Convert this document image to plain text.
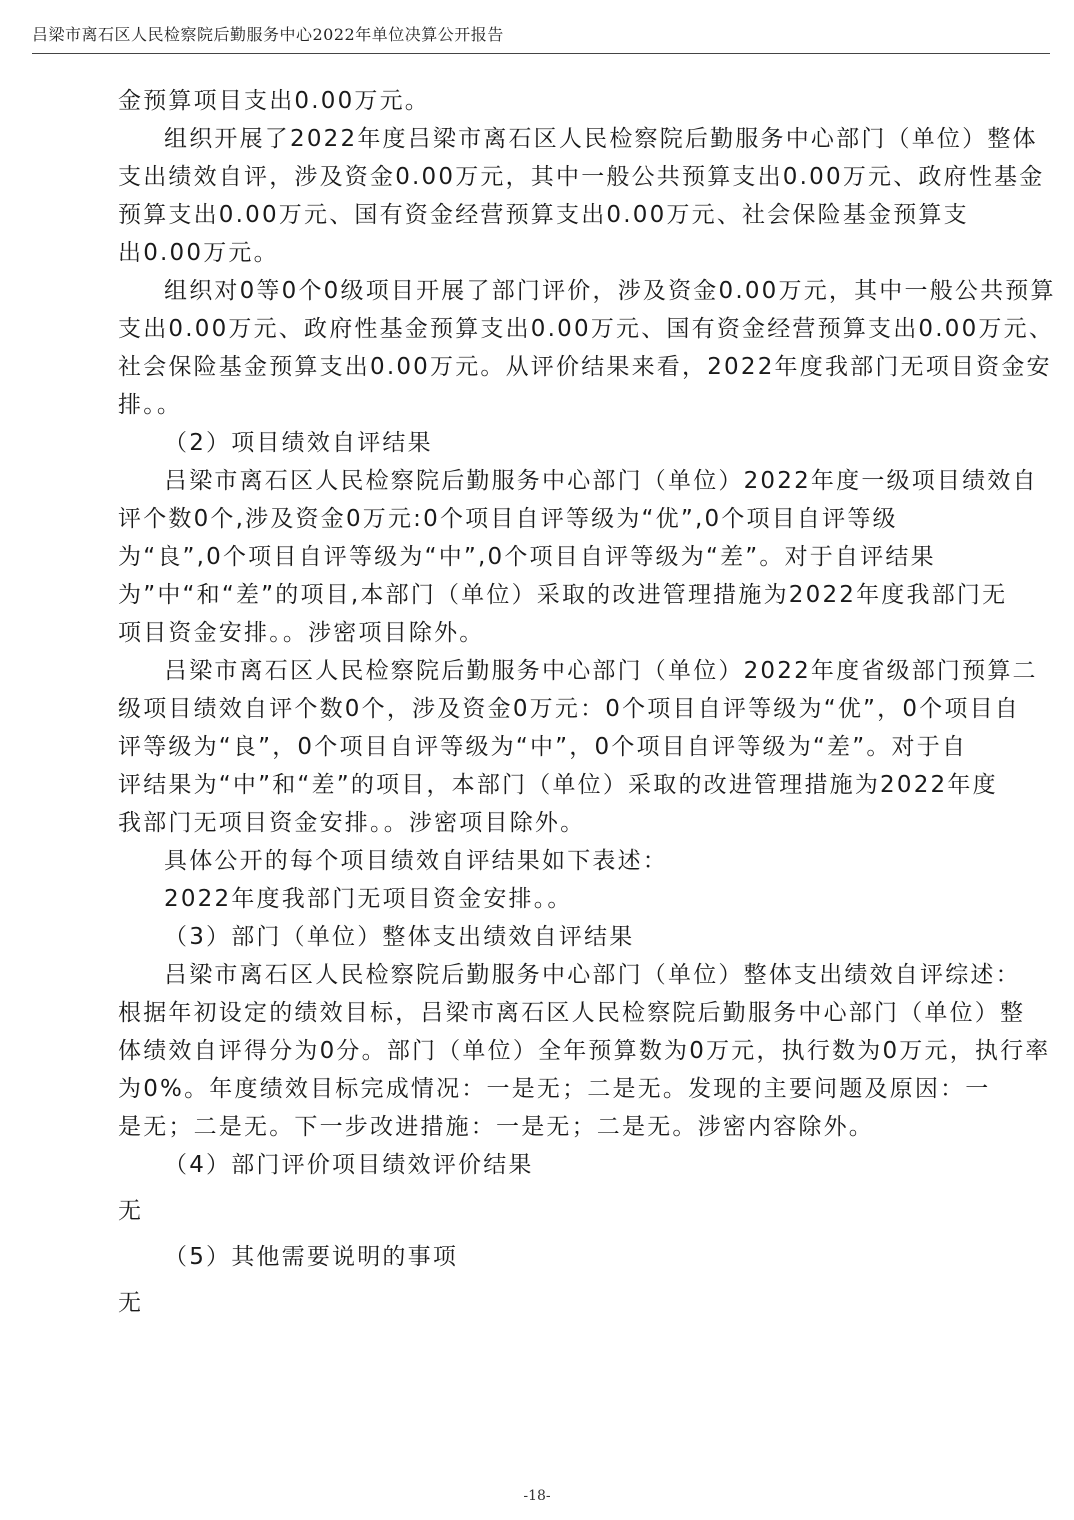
吕梁市离石区人民检察院后勤服务中心2022年单位决算公开报告
金预算项目支出0.00万元。
组织开展了2022年度吕梁市离石区人民检察院后勤服务中心部门（单位）整体
支出绩效自评，涉及资金0.00万元，其中一般公共预算支出0.00万元、政府性基金
预算支出0.00万元、国有资金经营预算支出0.00万元、社会保险基金预算支
出0.00万元。
组织对0等0个0级项目开展了部门评价，涉及资金0.00万元，其中一般公共预算
支出0.00万元、政府性基金预算支出0.00万元、国有资金经营预算支出0.00万元、
社会保险基金预算支出0.00万元。从评价结果来看，2022年度我部门无项目资金安
排。。
（2）项目绩效自评结果
吕梁市离石区人民检察院后勤服务中心部门（单位）2022年度一级项目绩效自
评个数0个,涉及资金0万元:0个项目自评等级为“优”,0个项目自评等级
为“良”,0个项目自评等级为“中”,0个项目自评等级为“差”。对于自评结果
为”中“和“差”的项目,本部门（单位）采取的改进管理措施为2022年度我部门无
项目资金安排。。涉密项目除外。
吕梁市离石区人民检察院后勤服务中心部门（单位）2022年度省级部门预算二
级项目绩效自评个数0个，涉及资金0万元：0个项目自评等级为“优”，0个项目自
评等级为“良”，0个项目自评等级为“中”，0个项目自评等级为“差”。对于自
评结果为“中”和“差”的项目，本部门（单位）采取的改进管理措施为2022年度
我部门无项目资金安排。。涉密项目除外。
具体公开的每个项目绩效自评结果如下表述：
2022年度我部门无项目资金安排。。
（3）部门（单位）整体支出绩效自评结果
吕梁市离石区人民检察院后勤服务中心部门（单位）整体支出绩效自评综述：
根据年初设定的绩效目标，吕梁市离石区人民检察院后勤服务中心部门（单位）整
体绩效自评得分为0分。部门（单位）全年预算数为0万元，执行数为0万元，执行率
为0%。年度绩效目标完成情况：一是无；二是无。发现的主要问题及原因：一
是无；二是无。下一步改进措施：一是无；二是无。涉密内容除外。
（4）部门评价项目绩效评价结果
无
（5）其他需要说明的事项
无
-18-
